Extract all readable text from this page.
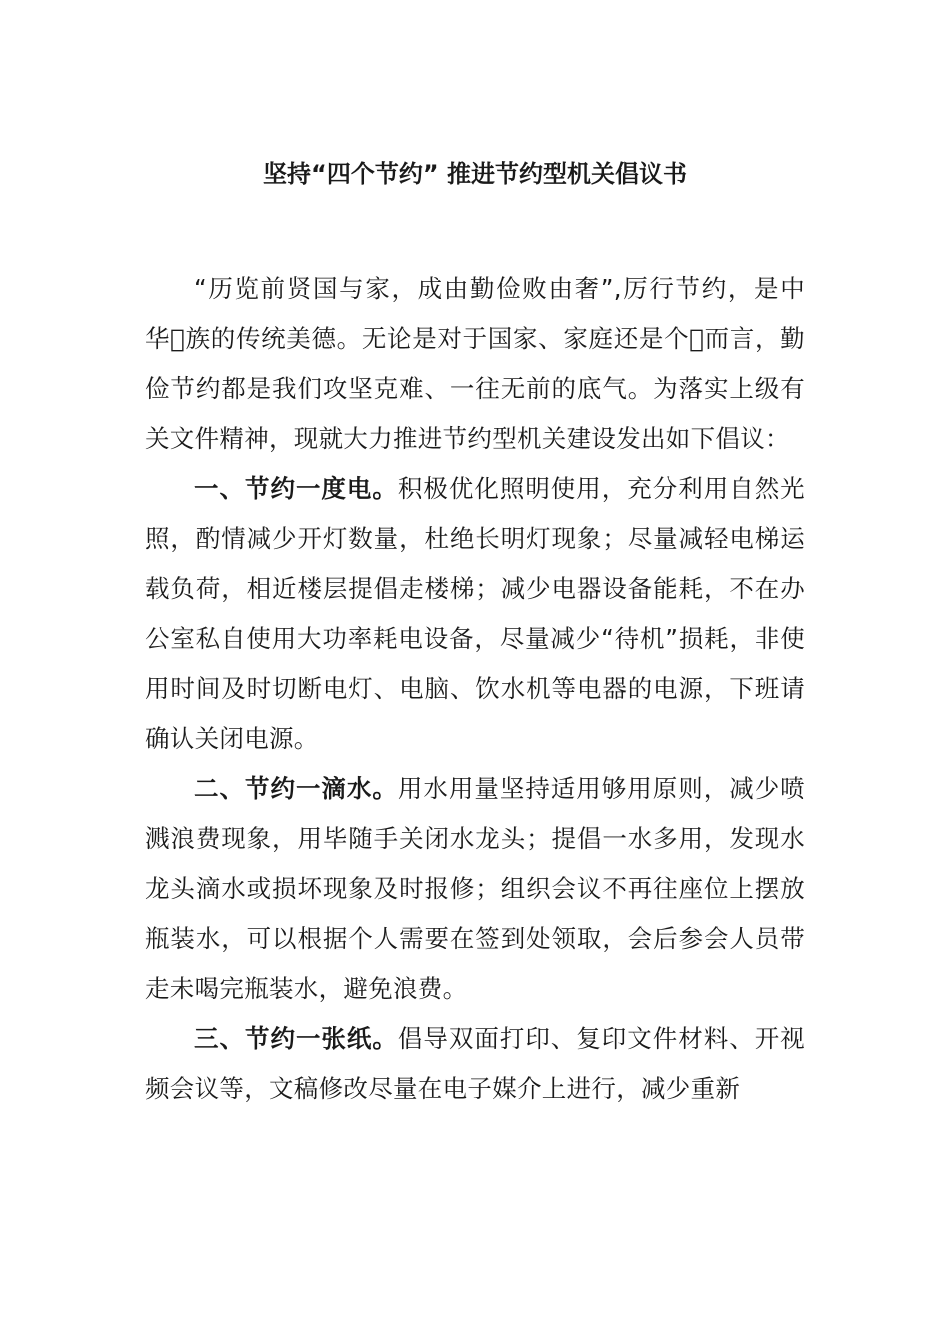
坚持“四个节约” 推进节约型机关倡议书

“历览前贤国与家，成由勤俭败由奢”,厉行节约，是中华 族的传统美德。无论是对于国家、家庭还是个 而言，勤俭节约都是我们攻坚克难、一往无前的底气。为落实上级有关文件精神，现就大力推进节约型机关建设发出如下倡议：

一、节约一度电。积极优化照明使用，充分利用自然光照，酌情减少开灯数量，杜绝长明灯现象；尽量减轻电梯运载负荷，相近楼层提倡走楼梯；减少电器设备能耗，不在办公室私自使用大功率耗电设备，尽量减少“待机”损耗，非使用时间及时切断电灯、电脑、饮水机等电器的电源，下班请确认关闭电源。

二、节约一滴水。用水用量坚持适用够用原则，减少喷溅浪费现象，用毕随手关闭水龙头；提倡一水多用，发现水龙头滴水或损坏现象及时报修；组织会议不再往座位上摆放瓶装水，可以根据个人需要在签到处领取，会后参会人员带走未喝完瓶装水，避免浪费。

三、节约一张纸。倡导双面打印、复印文件材料、开视频会议等，文稿修改尽量在电子媒介上进行，减少重新
